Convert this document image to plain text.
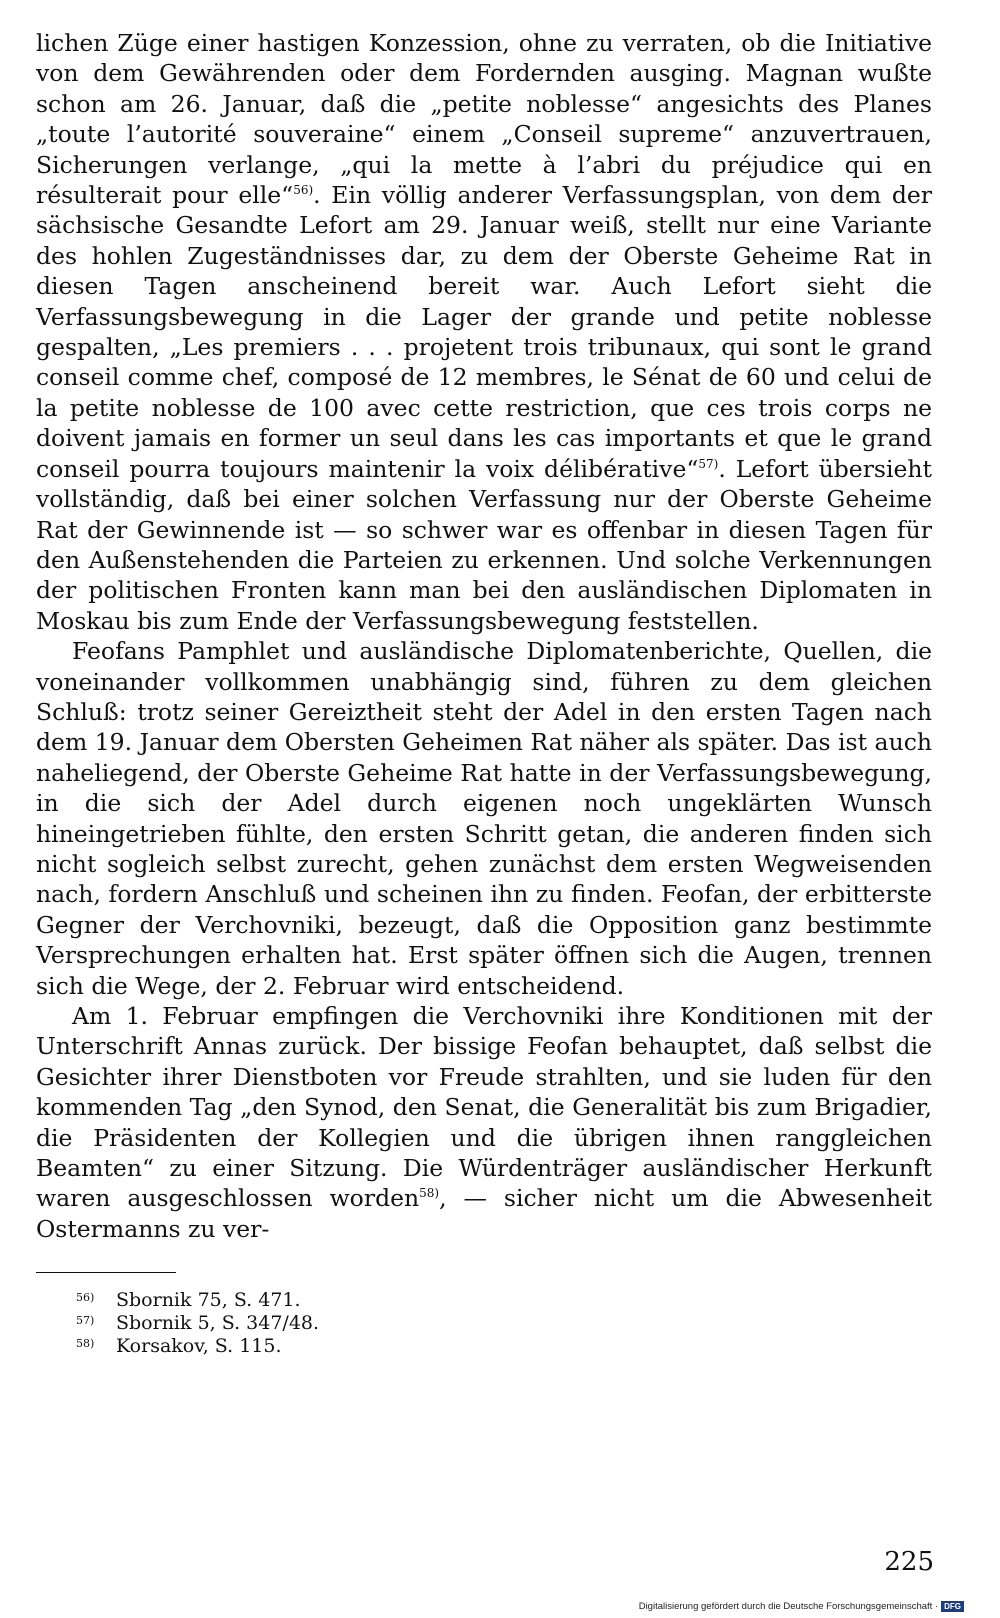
lichen Züge einer hastigen Konzession, ohne zu verraten, ob die Initiative von dem Gewährenden oder dem Fordernden ausging. Magnan wußte schon am 26. Januar, daß die „petite noblesse“ angesichts des Planes „toute l’autorité souveraine“ einem „Conseil supreme“ anzuvertrauen, Sicherungen verlange, „qui la mette à l’abri du préjudice qui en résulterait pour elle“$^{56)}$. Ein völlig anderer Verfassungsplan, von dem der sächsische Gesandte Lefort am 29. Januar weiß, stellt nur eine Variante des hohlen Zugeständnisses dar, zu dem der Oberste Geheime Rat in diesen Tagen anscheinend bereit war. Auch Lefort sieht die Verfassungsbewegung in die Lager der grande und petite noblesse gespalten, „Les premiers . . . projetent trois tribunaux, qui sont le grand conseil comme chef, composé de 12 membres, le Sénat de 60 und celui de la petite noblesse de 100 avec cette restriction, que ces trois corps ne doivent jamais en former un seul dans les cas importants et que le grand conseil pourra toujours maintenir la voix délibérative“$^{57)}$. Lefort übersieht vollständig, daß bei einer solchen Verfassung nur der Oberste Geheime Rat der Gewinnende ist — so schwer war es offenbar in diesen Tagen für den Außenstehenden die Parteien zu erkennen. Und solche Verkennungen der politischen Fronten kann man bei den ausländischen Diplomaten in Moskau bis zum Ende der Verfassungsbewegung feststellen.

Feofans Pamphlet und ausländische Diplomatenberichte, Quellen, die voneinander vollkommen unabhängig sind, führen zu dem gleichen Schluß: trotz seiner Gereiztheit steht der Adel in den ersten Tagen nach dem 19. Januar dem Obersten Geheimen Rat näher als später. Das ist auch naheliegend, der Oberste Geheime Rat hatte in der Verfassungsbewegung, in die sich der Adel durch eigenen noch ungeklärten Wunsch hineingetrieben fühlte, den ersten Schritt getan, die anderen finden sich nicht sogleich selbst zurecht, gehen zunächst dem ersten Wegweisenden nach, fordern Anschluß und scheinen ihn zu finden. Feofan, der erbitterste Gegner der Verchovniki, bezeugt, daß die Opposition ganz bestimmte Versprechungen erhalten hat. Erst später öffnen sich die Augen, trennen sich die Wege, der 2. Februar wird entscheidend.

Am 1. Februar empfingen die Verchovniki ihre Konditionen mit der Unterschrift Annas zurück. Der bissige Feofan behauptet, daß selbst die Gesichter ihrer Dienstboten vor Freude strahlten, und sie luden für den kommenden Tag „den Synod, den Senat, die Generalität bis zum Brigadier, die Präsidenten der Kollegien und die übrigen ihnen ranggleichen Beamten“ zu einer Sitzung. Die Würdenträger ausländischer Herkunft waren ausgeschlossen worden$^{58)}$, — sicher nicht um die Abwesenheit Ostermanns zu ver-

56) Sbornik 75, S. 471.

57) Sbornik 5, S. 347/48.

58) Korsakov, S. 115.

225
Digitalisierung gefördert durch die Deutsche Forschungsgemeinschaft · DFG
